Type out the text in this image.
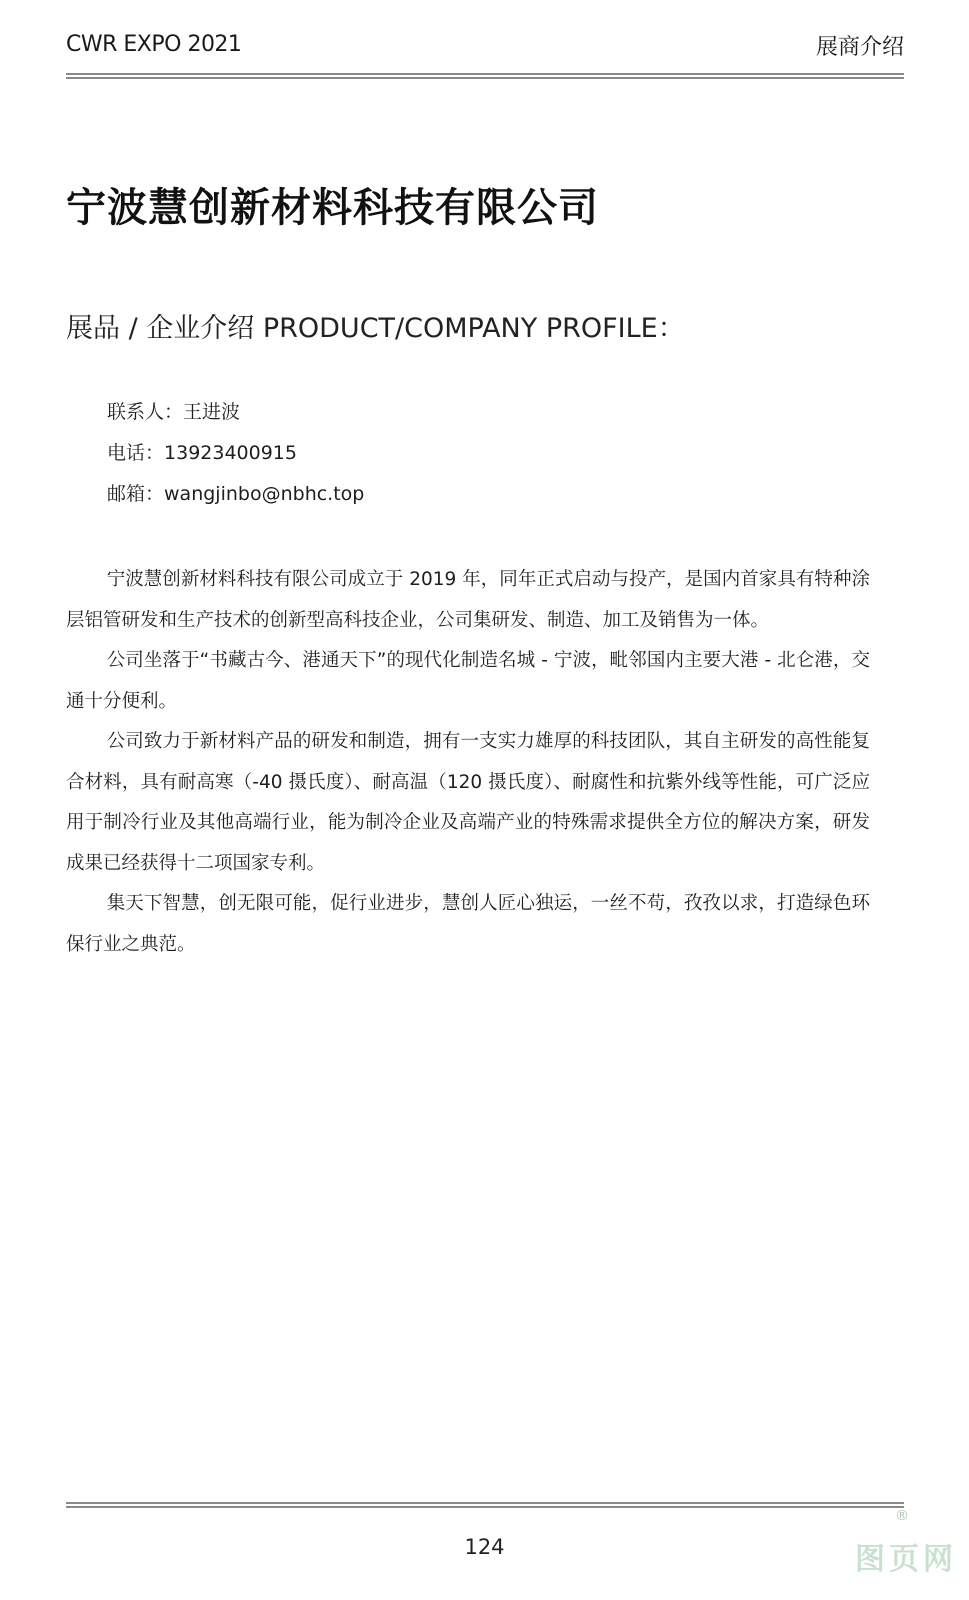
CWR EXPO 2021	展商介绍
宁波慧创新材料科技有限公司
展品 / 企业介绍 PRODUCT/COMPANY PROFILE：
联系人：王进波
电话：13923400915
邮箱：wangjinbo@nbhc.top

宁波慧创新材料科技有限公司成立于 2019 年，同年正式启动与投产，是国内首家具有特种涂层铝管研发和生产技术的创新型高科技企业，公司集研发、制造、加工及销售为一体。

公司坐落于“书藏古今、港通天下”的现代化制造名城 - 宁波，毗邻国内主要大港 - 北仑港，交通十分便利。

公司致力于新材料产品的研发和制造，拥有一支实力雄厚的科技团队，其自主研发的高性能复合材料，具有耐高寒（-40 摄氏度）、耐高温（120 摄氏度）、耐腐性和抗紫外线等性能，可广泛应用于制冷行业及其他高端行业，能为制冷企业及高端产业的特殊需求提供全方位的解决方案，研发成果已经获得十二项国家专利。

集天下智慧，创无限可能，促行业进步，慧创人匠心独运，一丝不苟，孜孜以求，打造绿色环保行业之典范。

124
®
图页网
